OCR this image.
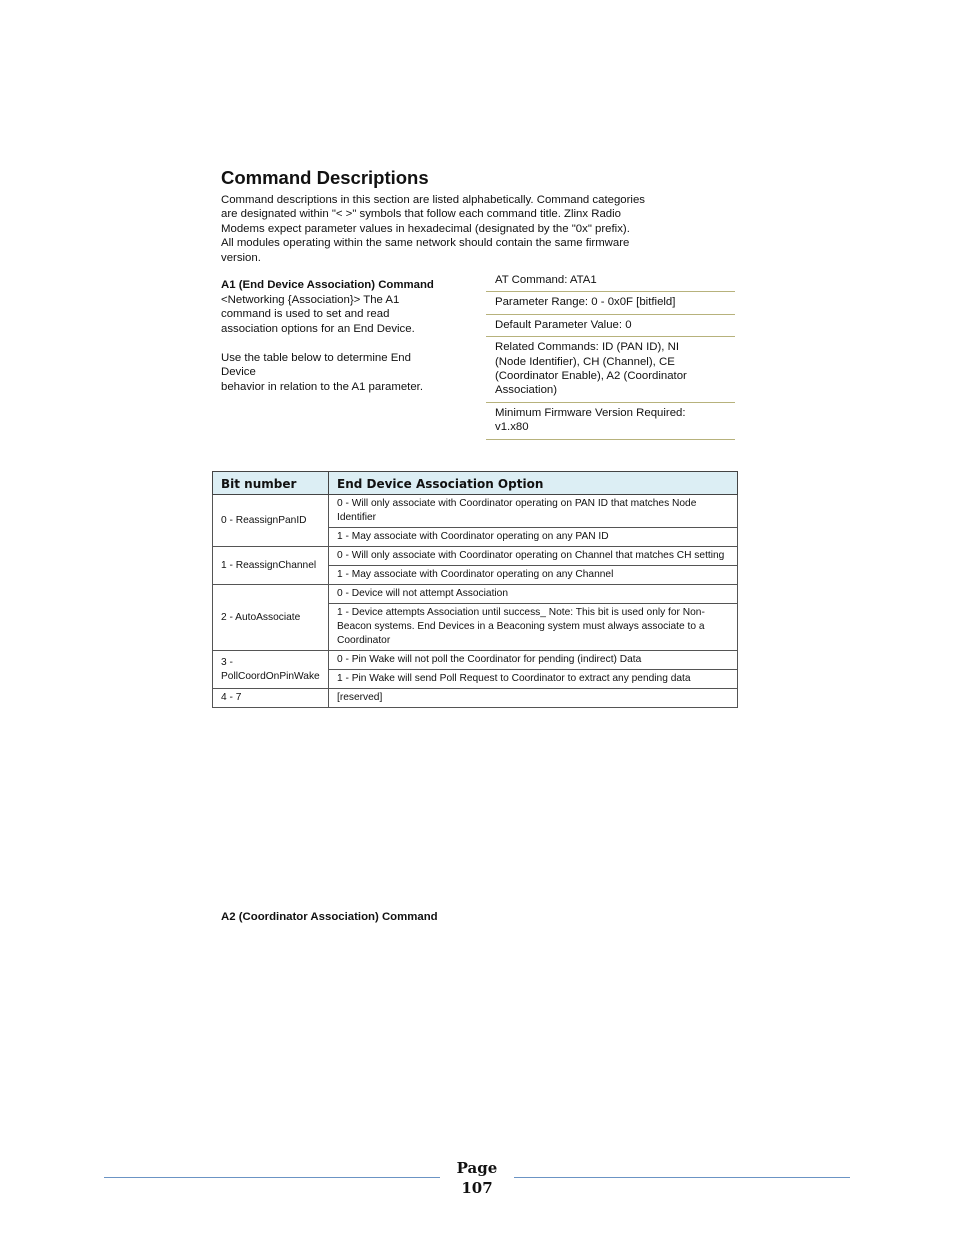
Command Descriptions
Command descriptions in this section are listed alphabetically. Command categories
are designated within "< >" symbols that follow each command title. Zlinx Radio
Modems expect parameter values in hexadecimal (designated by the "0x" prefix).
All modules operating within the same network should contain the same firmware
version.
A1 (End Device Association) Command
<Networking {Association}> The A1
command is used to set and read
association options for an End Device.
Use the table below to determine End
Device
behavior in relation to the A1 parameter.
AT Command: ATA1
Parameter Range: 0 - 0x0F [bitfield]
Default Parameter Value: 0
Related Commands: ID (PAN ID), NI
(Node Identifier), CH (Channel), CE
(Coordinator Enable), A2 (Coordinator
Association)
Minimum Firmware Version Required:
v1.x80
Bit number	End Device Association Option

0 - ReassignPanID	0 - Will only associate with Coordinator operating on PAN ID that matches Node
Identifier

	1 - May associate with Coordinator operating on any PAN ID

1 - ReassignChannel	0 - Will only associate with Coordinator operating on Channel that matches CH setting

	1 - May associate with Coordinator operating on any Channel

2 - AutoAssociate	0 - Device will not attempt Association

	1 - Device attempts Association until success_ Note: This bit is used only for Non-
Beacon systems. End Devices in a Beaconing system must always associate to a
Coordinator

3 -
PollCoordOnPinWake	0 - Pin Wake will not poll the Coordinator for pending (indirect) Data

	1 - Pin Wake will send Poll Request to Coordinator to extract any pending data

4 - 7	[reserved]
A2 (Coordinator Association) Command
Page
107
